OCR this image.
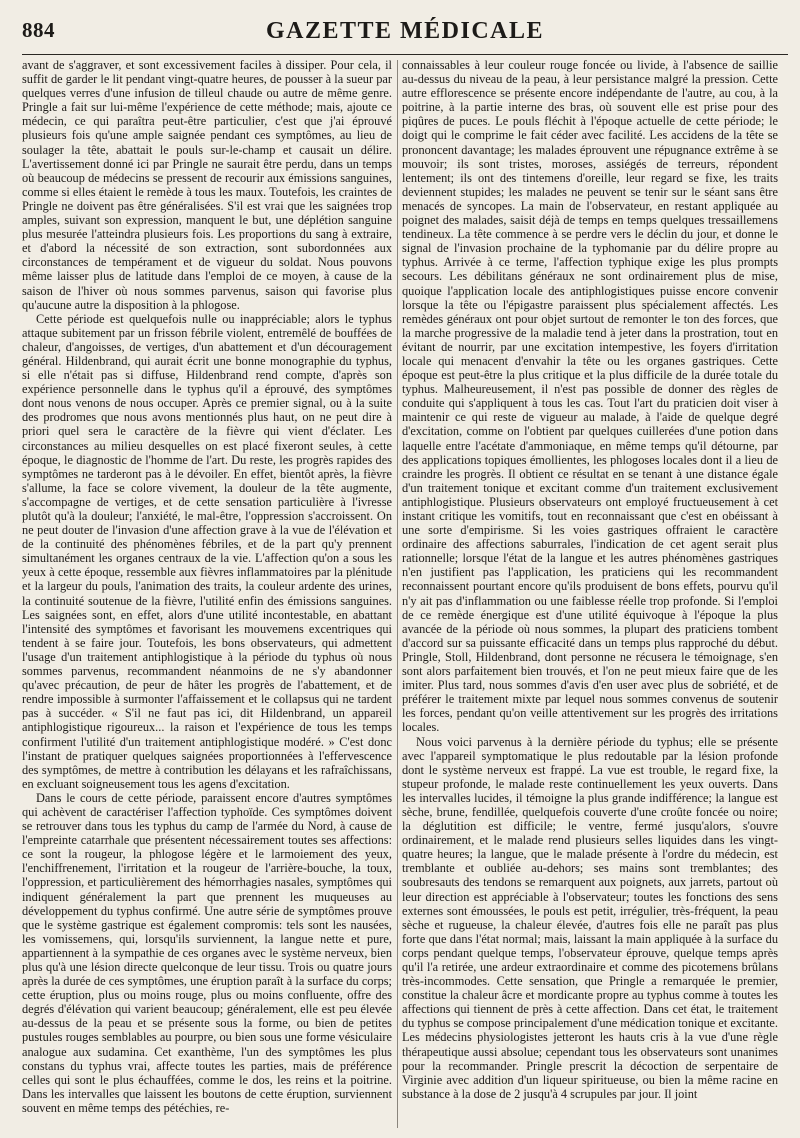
884	GAZETTE MÉDICALE

avant de s'aggraver, et sont excessivement faciles à dissiper. Pour cela, il suffit de garder le lit pendant vingt-quatre heures, de pousser à la sueur par quelques verres d'une infusion de tilleul chaude ou autre de même genre. Pringle a fait sur lui-même l'expérience de cette méthode; mais, ajoute ce médecin, ce qui paraîtra peut-être particulier, c'est que j'ai éprouvé plusieurs fois qu'une ample saignée pendant ces symptômes, au lieu de soulager la tête, abattait le pouls sur-le-champ et causait un délire. L'avertissement donné ici par Pringle ne saurait être perdu, dans un temps où beaucoup de médecins se pressent de recourir aux émissions sanguines, comme si elles étaient le remède à tous les maux. Toutefois, les craintes de Pringle ne doivent pas être généralisées. S'il est vrai que les saignées trop amples, suivant son expression, manquent le but, une déplétion sanguine plus mesurée l'atteindra plusieurs fois. Les proportions du sang à extraire, et d'abord la nécessité de son extraction, sont subordonnées aux circonstances de tempérament et de vigueur du soldat. Nous pouvons même laisser plus de latitude dans l'emploi de ce moyen, à cause de la saison de l'hiver où nous sommes parvenus, saison qui favorise plus qu'aucune autre la disposition à la phlogose.

Cette période est quelquefois nulle ou inappréciable; alors le typhus attaque subitement par un frisson fébrile violent, entremêlé de bouffées de chaleur, d'angoisses, de vertiges, d'un abattement et d'un découragement général. Hildenbrand, qui aurait écrit une bonne monographie du typhus, si elle n'était pas si diffuse, Hildenbrand rend compte, d'après son expérience personnelle dans le typhus qu'il a éprouvé, des symptômes dont nous venons de nous occuper. Après ce premier signal, ou à la suite des prodromes que nous avons mentionnés plus haut, on ne peut dire à priori quel sera le caractère de la fièvre qui vient d'éclater. Les circonstances au milieu desquelles on est placé fixeront seules, à cette époque, le diagnostic de l'homme de l'art. Du reste, les progrès rapides des symptômes ne tarderont pas à le dévoiler. En effet, bientôt après, la fièvre s'allume, la face se colore vivement, la douleur de la tête augmente, s'accompagne de vertiges, et de cette sensation particulière à l'ivresse plutôt qu'à la douleur; l'anxiété, le mal-être, l'oppression s'accroissent. On ne peut douter de l'invasion d'une affection grave à la vue de l'élévation et de la continuité des phénomènes fébriles, et de la part qu'y prennent simultanément les organes centraux de la vie. L'affection qu'on a sous les yeux à cette époque, ressemble aux fièvres inflammatoires par la plénitude et la largeur du pouls, l'animation des traits, la couleur ardente des urines, la continuité soutenue de la fièvre, l'utilité enfin des émissions sanguines. Les saignées sont, en effet, alors d'une utilité incontestable, en abattant l'intensité des symptômes et favorisant les mouvemens excentriques qui tendent à se faire jour. Toutefois, les bons observateurs, qui admettent l'usage d'un traitement antiphlogistique à la période du typhus où nous sommes parvenus, recommandent néanmoins de ne s'y abandonner qu'avec précaution, de peur de hâter les progrès de l'abattement, et de rendre impossible à surmonter l'affaissement et le collapsus qui ne tardent pas à succéder. « S'il ne faut pas ici, dit Hildenbrand, un appareil antiphlogistique rigoureux... la raison et l'expérience de tous les temps confirment l'utilité d'un traitement antiphlogistique modéré. » C'est donc l'instant de pratiquer quelques saignées proportionnées à l'effervescence des symptômes, de mettre à contribution les délayans et les rafraîchissans, en excluant soigneusement tous les agens d'excitation.

Dans le cours de cette période, paraissent encore d'autres symptômes qui achèvent de caractériser l'affection typhoïde. Ces symptômes doivent se retrouver dans tous les typhus du camp de l'armée du Nord, à cause de l'empreinte catarrhale que présentent nécessairement toutes ses affections: ce sont la rougeur, la phlogose légère et le larmoiement des yeux, l'enchiffrenement, l'irritation et la rougeur de l'arrière-bouche, la toux, l'oppression, et particulièrement des hémorrhagies nasales, symptômes qui indiquent généralement la part que prennent les muqueuses au développement du typhus confirmé. Une autre série de symptômes prouve que le système gastrique est également compromis: tels sont les nausées, les vomissemens, qui, lorsqu'ils surviennent, la langue nette et pure, appartiennent à la sympathie de ces organes avec le système nerveux, bien plus qu'à une lésion directe quelconque de leur tissu. Trois ou quatre jours après la durée de ces symptômes, une éruption paraît à la surface du corps; cette éruption, plus ou moins rouge, plus ou moins confluente, offre des degrés d'élévation qui varient beaucoup; généralement, elle est peu élevée au-dessus de la peau et se présente sous la forme, ou bien de petites pustules rouges semblables au pourpre, ou bien sous une forme vésiculaire analogue aux sudamina. Cet exanthème, l'un des symptômes les plus constans du typhus vrai, affecte toutes les parties, mais de préférence celles qui sont le plus échauffées, comme le dos, les reins et la poitrine. Dans les intervalles que laissent les boutons de cette éruption, surviennent souvent en même temps des pétéchies, re-

connaissables à leur couleur rouge foncée ou livide, à l'absence de saillie au-dessus du niveau de la peau, à leur persistance malgré la pression. Cette autre efflorescence se présente encore indépendante de l'autre, au cou, à la poitrine, à la partie interne des bras, où souvent elle est prise pour des piqûres de puces. Le pouls fléchit à l'époque actuelle de cette période; le doigt qui le comprime le fait céder avec facilité. Les accidens de la tête se prononcent davantage; les malades éprouvent une répugnance extrême à se mouvoir; ils sont tristes, moroses, assiégés de terreurs, répondent lentement; ils ont des tintemens d'oreille, leur regard se fixe, les traits deviennent stupides; les malades ne peuvent se tenir sur le séant sans être menacés de syncopes. La main de l'observateur, en restant appliquée au poignet des malades, saisit déjà de temps en temps quelques tressaillemens tendineux. La tête commence à se perdre vers le déclin du jour, et donne le signal de l'invasion prochaine de la typhomanie par du délire propre au typhus. Arrivée à ce terme, l'affection typhique exige les plus prompts secours. Les débilitans généraux ne sont ordinairement plus de mise, quoique l'application locale des antiphlogistiques puisse encore convenir lorsque la tête ou l'épigastre paraissent plus spécialement affectés. Les remèdes généraux ont pour objet surtout de remonter le ton des forces, que la marche progressive de la maladie tend à jeter dans la prostration, tout en évitant de nourrir, par une excitation intempestive, les foyers d'irritation locale qui menacent d'envahir la tête ou les organes gastriques. Cette époque est peut-être la plus critique et la plus difficile de la durée totale du typhus. Malheureusement, il n'est pas possible de donner des règles de conduite qui s'appliquent à tous les cas. Tout l'art du praticien doit viser à maintenir ce qui reste de vigueur au malade, à l'aide de quelque degré d'excitation, comme on l'obtient par quelques cuillerées d'une potion dans laquelle entre l'acétate d'ammoniaque, en même temps qu'il détourne, par des applications topiques émollientes, les phlogoses locales dont il a lieu de craindre les progrès. Il obtient ce résultat en se tenant à une distance égale d'un traitement tonique et excitant comme d'un traitement exclusivement antiphlogistique. Plusieurs observateurs ont employé fructueusement à cet instant critique les vomitifs, tout en reconnaissant que c'est en obéissant à une sorte d'empirisme. Si les voies gastriques offraient le caractère ordinaire des affections saburrales, l'indication de cet agent serait plus rationnelle; lorsque l'état de la langue et les autres phénomènes gastriques n'en justifient pas l'application, les praticiens qui les recommandent reconnaissent pourtant encore qu'ils produisent de bons effets, pourvu qu'il n'y ait pas d'inflammation ou une faiblesse réelle trop profonde. Si l'emploi de ce remède énergique est d'une utilité équivoque à l'époque la plus avancée de la période où nous sommes, la plupart des praticiens tombent d'accord sur sa puissante efficacité dans un temps plus rapproché du début. Pringle, Stoll, Hildenbrand, dont personne ne récusera le témoignage, s'en sont alors parfaitement bien trouvés, et l'on ne peut mieux faire que de les imiter. Plus tard, nous sommes d'avis d'en user avec plus de sobriété, et de préférer le traitement mixte par lequel nous sommes convenus de soutenir les forces, pendant qu'on veille attentivement sur les progrès des irritations locales.

Nous voici parvenus à la dernière période du typhus; elle se présente avec l'appareil symptomatique le plus redoutable par la lésion profonde dont le système nerveux est frappé. La vue est trouble, le regard fixe, la stupeur profonde, le malade reste continuellement les yeux ouverts. Dans les intervalles lucides, il témoigne la plus grande indifférence; la langue est sèche, brune, fendillée, quelquefois couverte d'une croûte foncée ou noire; la déglutition est difficile; le ventre, fermé jusqu'alors, s'ouvre ordinairement, et le malade rend plusieurs selles liquides dans les vingt-quatre heures; la langue, que le malade présente à l'ordre du médecin, est tremblante et oubliée au-dehors; ses mains sont tremblantes; des soubresauts des tendons se remarquent aux poignets, aux jarrets, partout où leur direction est appréciable à l'observateur; toutes les fonctions des sens externes sont émoussées, le pouls est petit, irrégulier, très-fréquent, la peau sèche et rugueuse, la chaleur élevée, d'autres fois elle ne paraît pas plus forte que dans l'état normal; mais, laissant la main appliquée à la surface du corps pendant quelque temps, l'observateur éprouve, quelque temps après qu'il l'a retirée, une ardeur extraordinaire et comme des picotemens brûlans très-incommodes. Cette sensation, que Pringle a remarquée le premier, constitue la chaleur âcre et mordicante propre au typhus comme à toutes les affections qui tiennent de près à cette affection. Dans cet état, le traitement du typhus se compose principalement d'une médication tonique et excitante. Les médecins physiologistes jetteront les hauts cris à la vue d'une règle thérapeutique aussi absolue; cependant tous les observateurs sont unanimes pour la recommander. Pringle prescrit la décoction de serpentaire de Virginie avec addition d'un liqueur spiritueuse, ou bien la même racine en substance à la dose de 2 jusqu'à 4 scrupules par jour. Il joint
